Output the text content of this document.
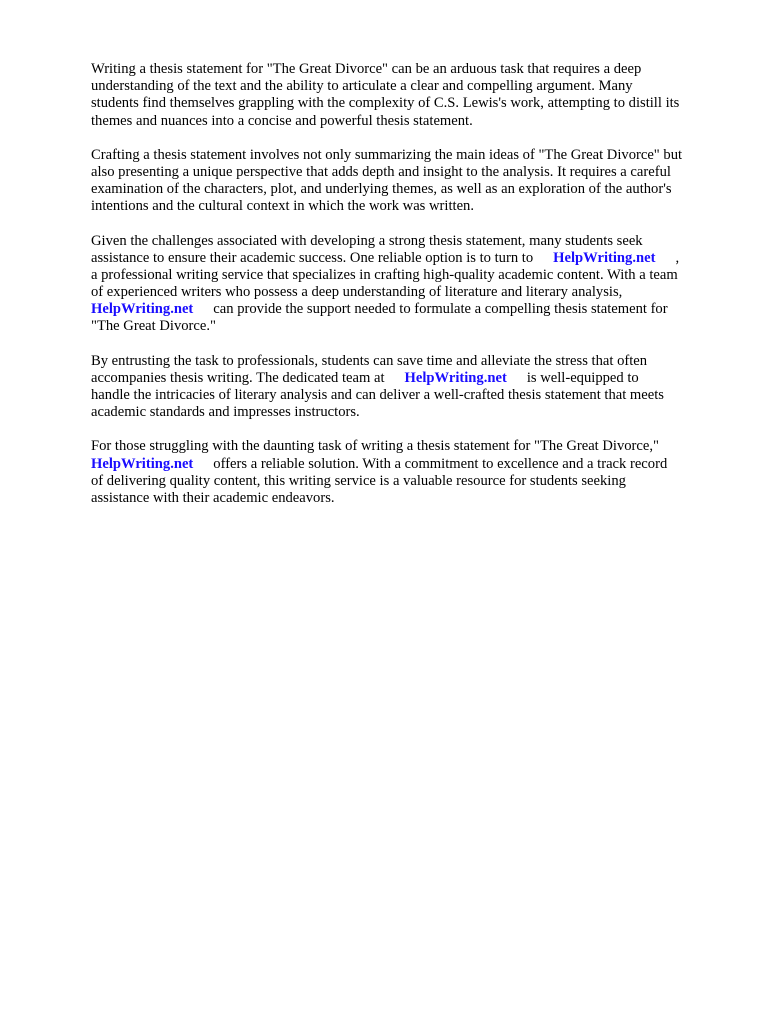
Writing a thesis statement for "The Great Divorce" can be an arduous task that requires a deep
understanding of the text and the ability to articulate a clear and compelling argument. Many
students find themselves grappling with the complexity of C.S. Lewis's work, attempting to distill its
themes and nuances into a concise and powerful thesis statement.

Crafting a thesis statement involves not only summarizing the main ideas of "The Great Divorce" but
also presenting a unique perspective that adds depth and insight to the analysis. It requires a careful
examination of the characters, plot, and underlying themes, as well as an exploration of the author's
intentions and the cultural context in which the work was written.

Given the challenges associated with developing a strong thesis statement, many students seek
assistance to ensure their academic success. One reliable option is to turn to HelpWriting.net ,
a professional writing service that specializes in crafting high-quality academic content. With a team
of experienced writers who possess a deep understanding of literature and literary analysis,
HelpWriting.net can provide the support needed to formulate a compelling thesis statement for
"The Great Divorce."

By entrusting the task to professionals, students can save time and alleviate the stress that often
accompanies thesis writing. The dedicated team at HelpWriting.net is well-equipped to
handle the intricacies of literary analysis and can deliver a well-crafted thesis statement that meets
academic standards and impresses instructors.

For those struggling with the daunting task of writing a thesis statement for "The Great Divorce,"
HelpWriting.net offers a reliable solution. With a commitment to excellence and a track record
of delivering quality content, this writing service is a valuable resource for students seeking
assistance with their academic endeavors.
